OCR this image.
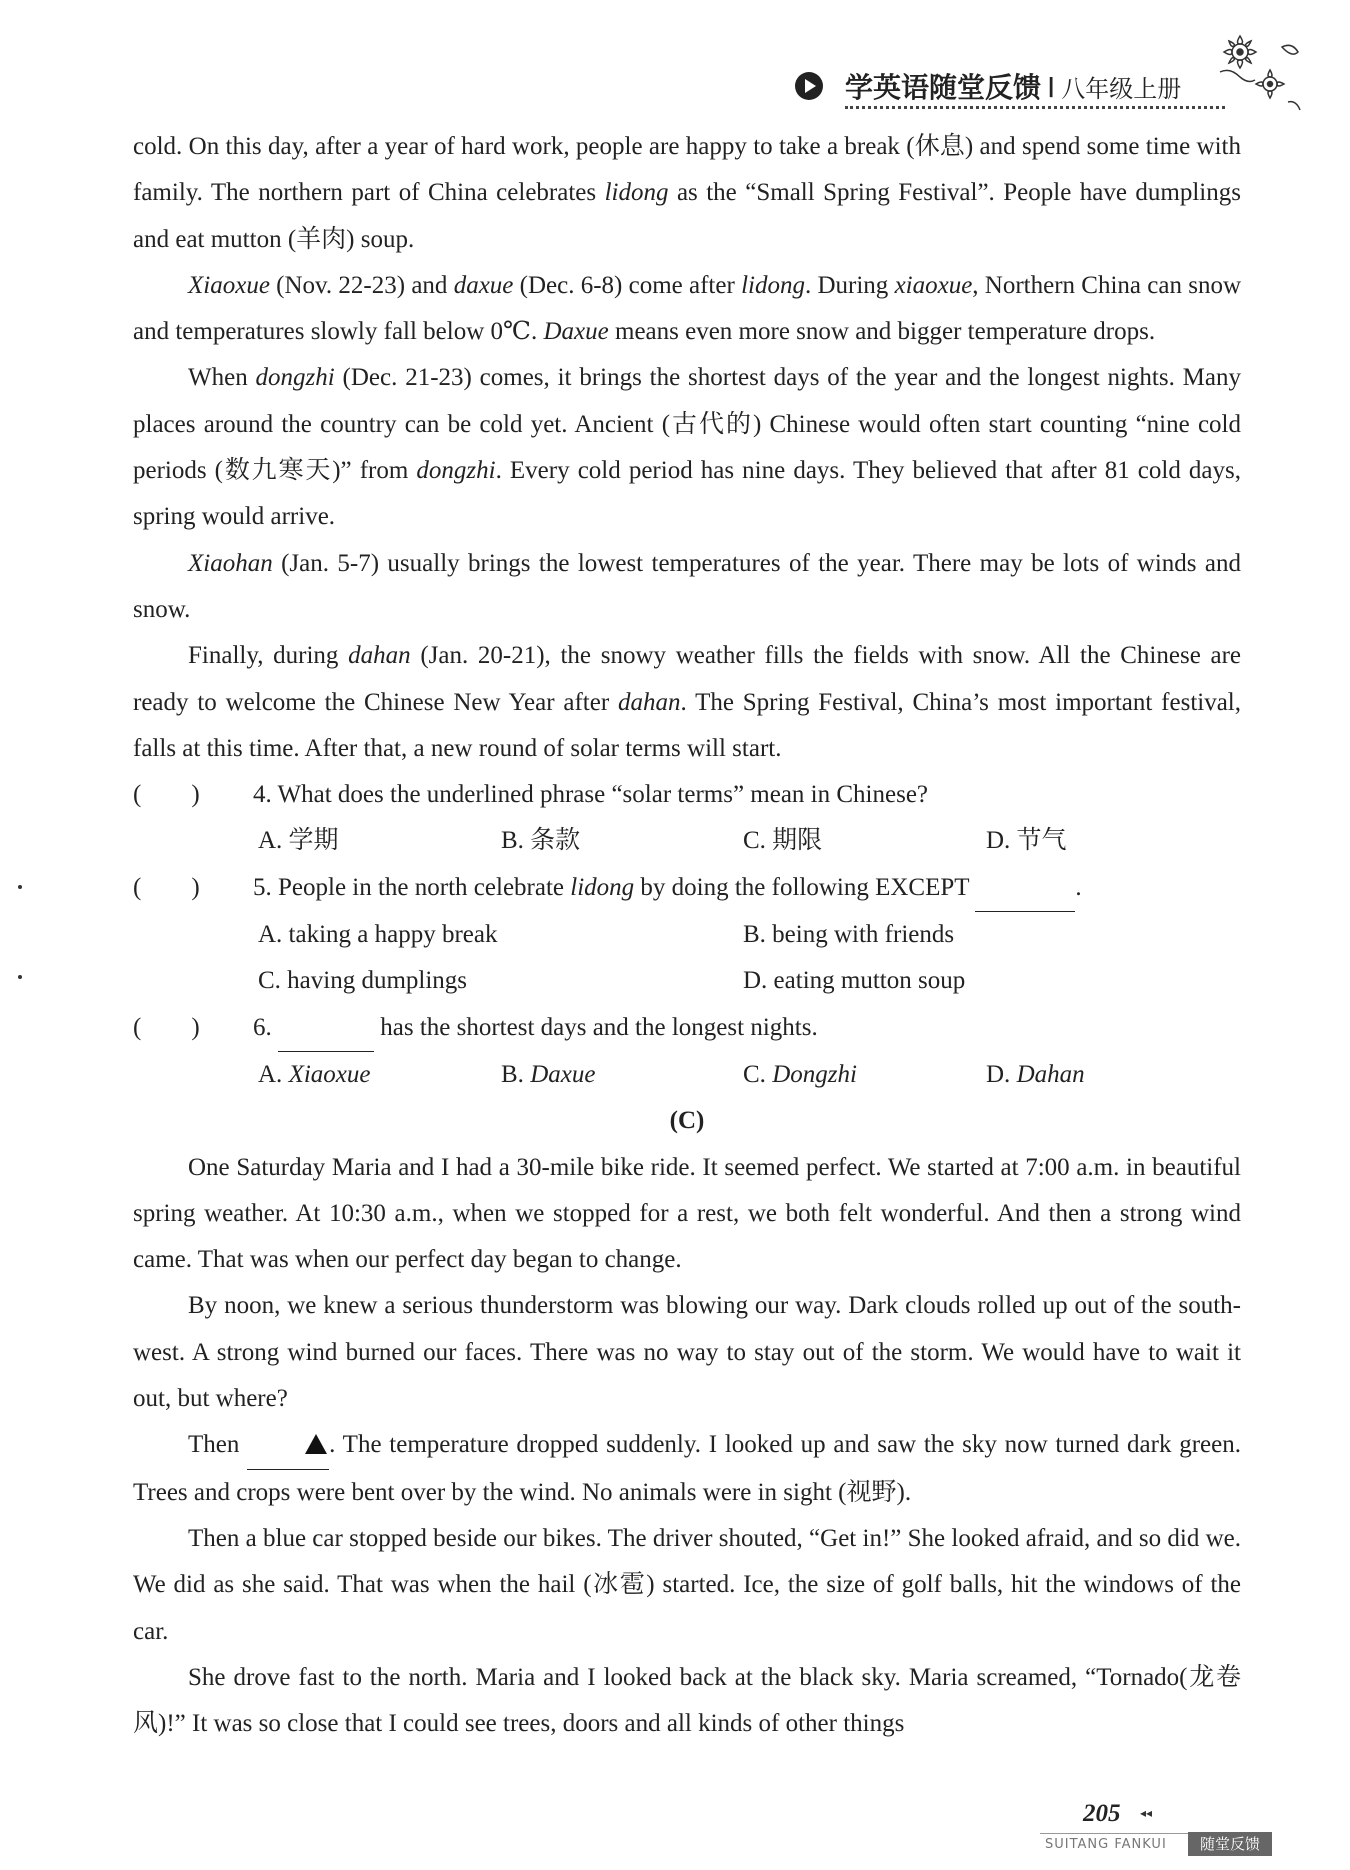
学英语随堂反馈 I 八年级上册

cold. On this day, after a year of hard work, people are happy to take a break (休息) and spend some time with family. The northern part of China celebrates lidong as the “Small Spring Festival”. People have dumplings and eat mutton (羊肉) soup.

Xiaoxue (Nov. 22-23) and daxue (Dec. 6-8) come after lidong. During xiaoxue, Northern China can snow and temperatures slowly fall below 0℃. Daxue means even more snow and bigger temperature drops.

When dongzhi (Dec. 21-23) comes, it brings the shortest days of the year and the longest nights. Many places around the country can be cold yet. Ancient (古代的) Chinese would often start counting “nine cold periods (数九寒天)” from dongzhi. Every cold period has nine days. They believed that after 81 cold days, spring would arrive.

Xiaohan (Jan. 5-7) usually brings the lowest temperatures of the year. There may be lots of winds and snow.

Finally, during dahan (Jan. 20-21), the snowy weather fills the fields with snow. All the Chinese are ready to welcome the Chinese New Year after dahan. The Spring Festival, China’s most important festival, falls at this time. After that, a new round of solar terms will start.

(　　) 4. What does the underlined phrase “solar terms” mean in Chinese?

A. 学期	B. 条款	C. 期限	D. 节气

(　　) 5. People in the north celebrate lidong by doing the following EXCEPT	.

A. taking a happy break	B. being with friends
C. having dumplings	D. eating mutton soup

(　　) 6.	has the shortest days and the longest nights.

A. Xiaoxue	B. Daxue	C. Dongzhi	D. Dahan

(C)

One Saturday Maria and I had a 30-mile bike ride. It seemed perfect. We started at 7:00 a.m. in beautiful spring weather. At 10:30 a.m., when we stopped for a rest, we both felt wonderful. And then a strong wind came. That was when our perfect day began to change.

By noon, we knew a serious thunderstorm was blowing our way. Dark clouds rolled up out of the south-west. A strong wind burned our faces. There was no way to stay out of the storm. We would have to wait it out, but where?

Then	. The temperature dropped suddenly. I looked up and saw the sky now turned dark green. Trees and crops were bent over by the wind. No animals were in sight (视野).

Then a blue car stopped beside our bikes. The driver shouted, “Get in!” She looked afraid, and so did we. We did as she said. That was when the hail (冰雹) started. Ice, the size of golf balls, hit the windows of the car.

She drove fast to the north. Maria and I looked back at the black sky. Maria screamed, “Tornado(龙卷风)!” It was so close that I could see trees, doors and all kinds of other things

205 ◂◂
SUITANG FANKUI	随堂反馈
